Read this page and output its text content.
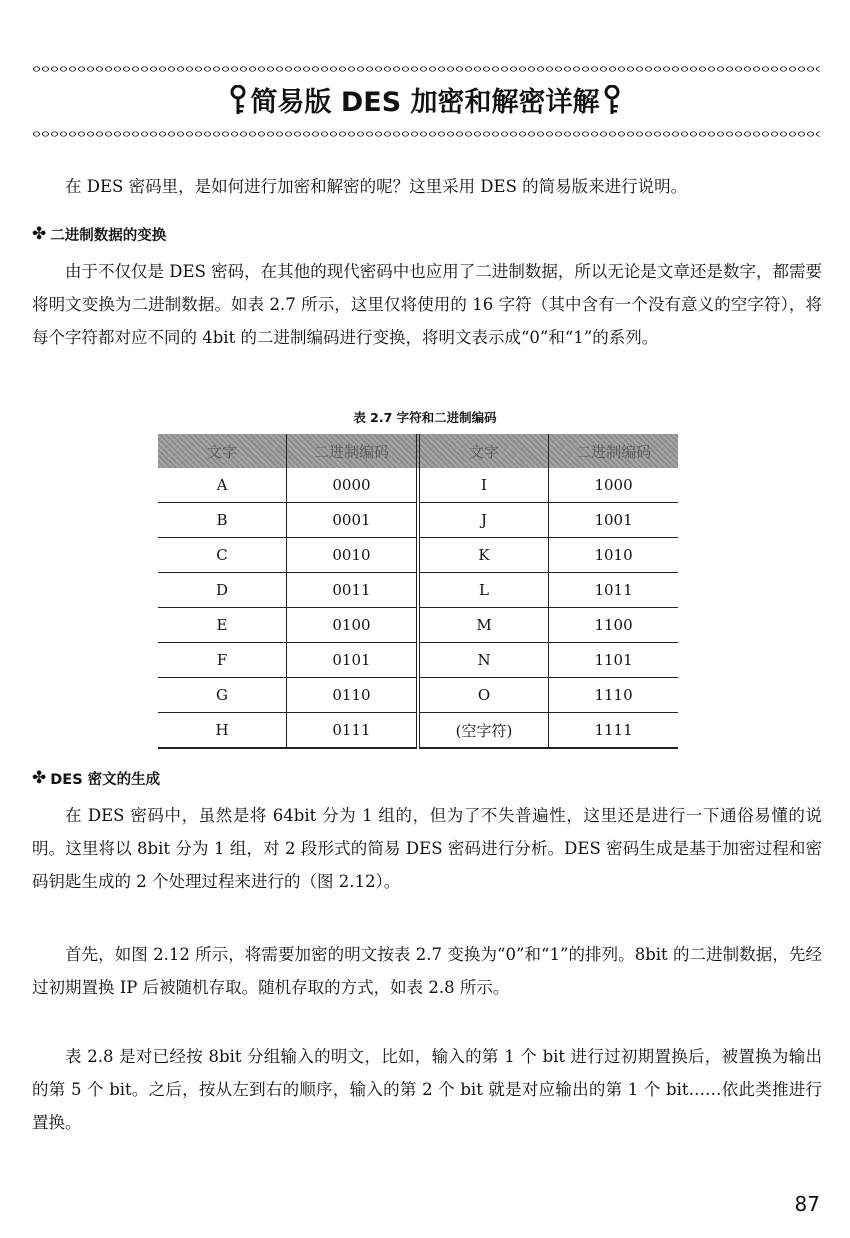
简易版 DES 加密和解密详解

在 DES 密码里，是如何进行加密和解密的呢？这里采用 DES 的简易版来进行说明。

✤ 二进制数据的变换

由于不仅仅是 DES 密码，在其他的现代密码中也应用了二进制数据，所以无论是文章还是数字，都需要将明文变换为二进制数据。如表 2.7 所示，这里仅将使用的 16 字符（其中含有一个没有意义的空字符），将每个字符都对应不同的 4bit 的二进制编码进行变换，将明文表示成“0”和“1”的系列。

表 2.7 字符和二进制编码
文字	二进制编码	文字	二进制编码
A	0000	I	1000
B	0001	J	1001
C	0010	K	1010
D	0011	L	1011
E	0100	M	1100
F	0101	N	1101
G	0110	O	1110
H	0111	(空字符)	1111
✤ DES 密文的生成

在 DES 密码中，虽然是将 64bit 分为 1 组的，但为了不失普遍性，这里还是进行一下通俗易懂的说明。这里将以 8bit 分为 1 组，对 2 段形式的简易 DES 密码进行分析。DES 密码生成是基于加密过程和密码钥匙生成的 2 个处理过程来进行的（图 2.12）。

首先，如图 2.12 所示，将需要加密的明文按表 2.7 变换为“0”和“1”的排列。8bit 的二进制数据，先经过初期置换 IP 后被随机存取。随机存取的方式，如表 2.8 所示。

表 2.8 是对已经按 8bit 分组输入的明文，比如，输入的第 1 个 bit 进行过初期置换后，被置换为输出的第 5 个 bit。之后，按从左到右的顺序，输入的第 2 个 bit 就是对应输出的第 1 个 bit……依此类推进行置换。

87
